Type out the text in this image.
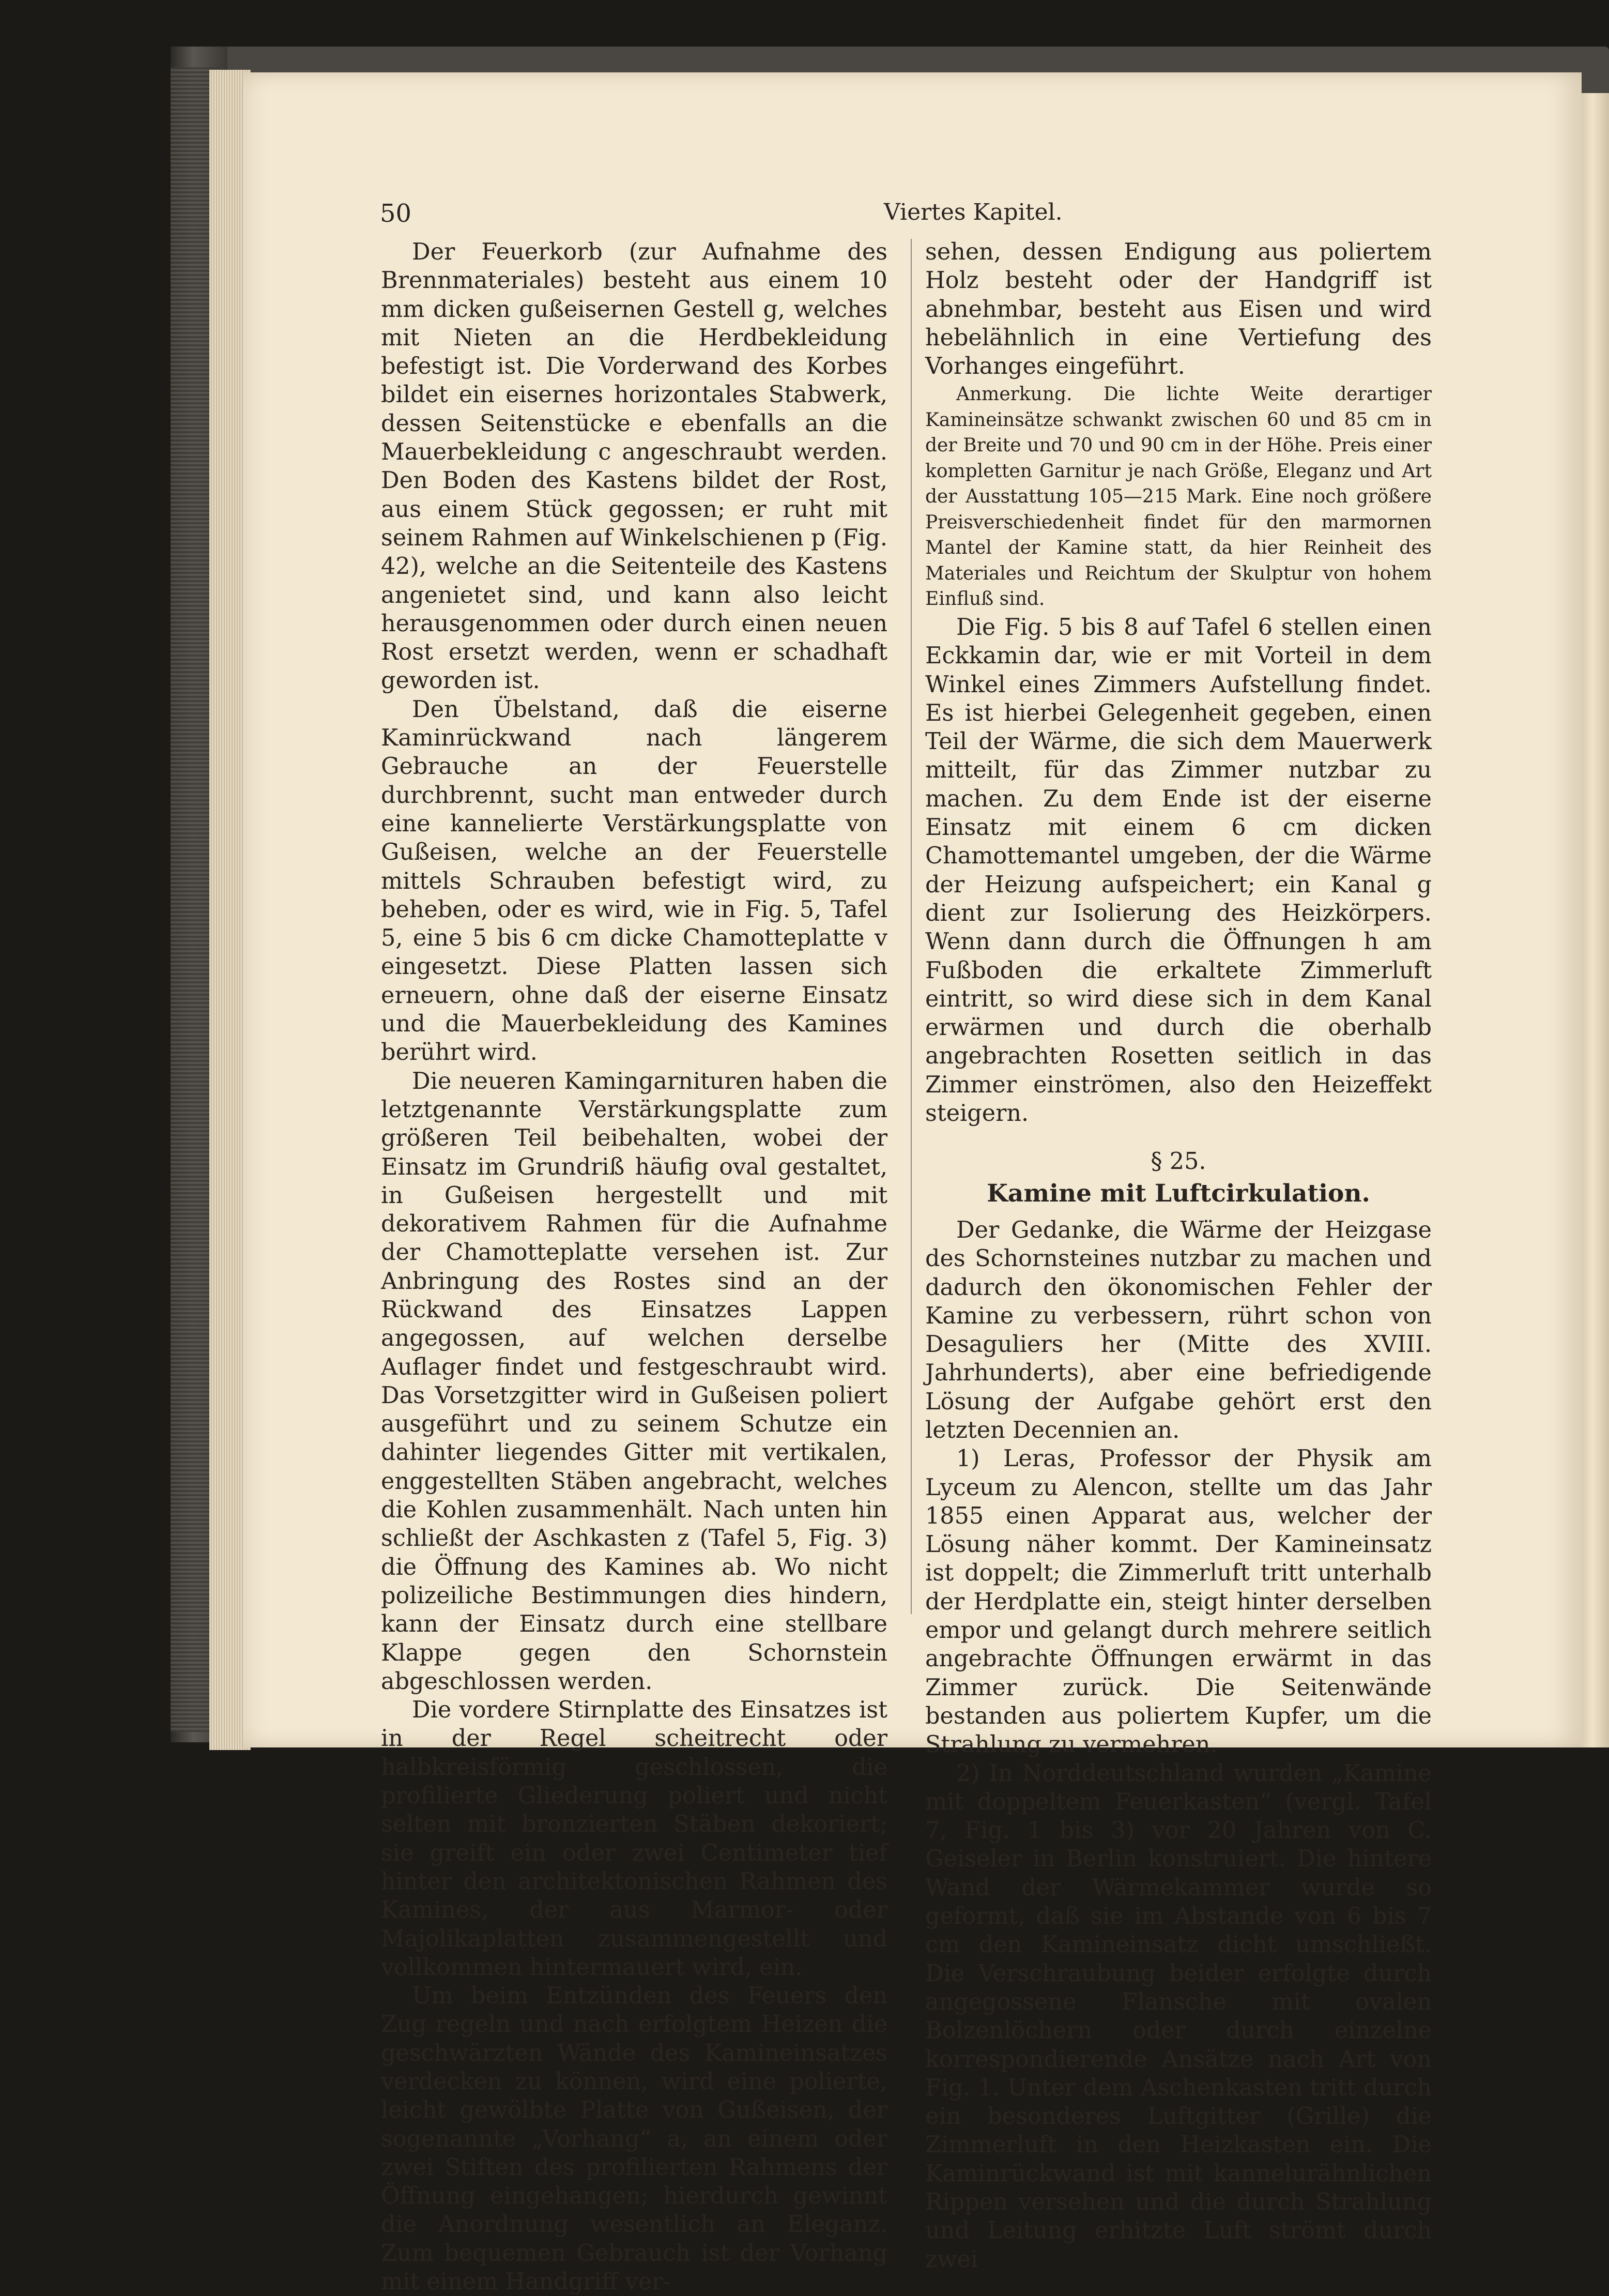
50	Viertes Kapitel.

Der Feuerkorb (zur Aufnahme des Brennmateriales) besteht aus einem 10 mm dicken gußeisernen Gestell g, welches mit Nieten an die Herdbekleidung befestigt ist. Die Vorderwand des Korbes bildet ein eisernes horizontales Stabwerk, dessen Seitenstücke e ebenfalls an die Mauerbekleidung c angeschraubt werden. Den Boden des Kastens bildet der Rost, aus einem Stück gegossen; er ruht mit seinem Rahmen auf Winkelschienen p (Fig. 42), welche an die Seitenteile des Kastens angenietet sind, und kann also leicht herausgenommen oder durch einen neuen Rost ersetzt werden, wenn er schadhaft geworden ist.

Den Übelstand, daß die eiserne Kaminrückwand nach längerem Gebrauche an der Feuerstelle durchbrennt, sucht man entweder durch eine kannelierte Verstärkungsplatte von Gußeisen, welche an der Feuerstelle mittels Schrauben befestigt wird, zu beheben, oder es wird, wie in Fig. 5, Tafel 5, eine 5 bis 6 cm dicke Chamotteplatte v eingesetzt. Diese Platten lassen sich erneuern, ohne daß der eiserne Einsatz und die Mauerbekleidung des Kamines berührt wird.

Die neueren Kamingarnituren haben die letztgenannte Verstärkungsplatte zum größeren Teil beibehalten, wobei der Einsatz im Grundriß häufig oval gestaltet, in Gußeisen hergestellt und mit dekorativem Rahmen für die Aufnahme der Chamotteplatte versehen ist. Zur Anbringung des Rostes sind an der Rückwand des Einsatzes Lappen angegossen, auf welchen derselbe Auflager findet und festgeschraubt wird. Das Vorsetzgitter wird in Gußeisen poliert ausgeführt und zu seinem Schutze ein dahinter liegendes Gitter mit vertikalen, enggestellten Stäben angebracht, welches die Kohlen zusammenhält. Nach unten hin schließt der Aschkasten z (Tafel 5, Fig. 3) die Öffnung des Kamines ab. Wo nicht polizeiliche Bestimmungen dies hindern, kann der Einsatz durch eine stellbare Klappe gegen den Schornstein abgeschlossen werden.

Die vordere Stirnplatte des Einsatzes ist in der Regel scheitrecht oder halbkreisförmig geschlossen, die profilierte Gliederung poliert und nicht selten mit bronzierten Stäben dekoriert; sie greift ein oder zwei Centimeter tief hinter den architektonischen Rahmen des Kamines, der aus Marmor- oder Majolikaplatten zusammengestellt und vollkommen hintermauert wird, ein.

Um beim Entzünden des Feuers den Zug regeln und nach erfolgtem Heizen die geschwärzten Wände des Kamineinsatzes verdecken zu können, wird eine polierte, leicht gewölbte Platte von Gußeisen, der sogenannte „Vorhang“ a, an einem oder zwei Stiften des profilierten Rahmens der Öffnung eingehangen; hierdurch gewinnt die Anordnung wesentlich an Eleganz. Zum bequemen Gebrauch ist der Vorhang mit einem Handgriff ver-

sehen, dessen Endigung aus poliertem Holz besteht oder der Handgriff ist abnehmbar, besteht aus Eisen und wird hebelähnlich in eine Vertiefung des Vorhanges eingeführt.

Anmerkung. Die lichte Weite derartiger Kamineinsätze schwankt zwischen 60 und 85 cm in der Breite und 70 und 90 cm in der Höhe. Preis einer kompletten Garnitur je nach Größe, Eleganz und Art der Ausstattung 105—215 Mark. Eine noch größere Preisverschiedenheit findet für den marmornen Mantel der Kamine statt, da hier Reinheit des Materiales und Reichtum der Skulptur von hohem Einfluß sind.

Die Fig. 5 bis 8 auf Tafel 6 stellen einen Eckkamin dar, wie er mit Vorteil in dem Winkel eines Zimmers Aufstellung findet. Es ist hierbei Gelegenheit gegeben, einen Teil der Wärme, die sich dem Mauerwerk mitteilt, für das Zimmer nutzbar zu machen. Zu dem Ende ist der eiserne Einsatz mit einem 6 cm dicken Chamottemantel umgeben, der die Wärme der Heizung aufspeichert; ein Kanal g dient zur Isolierung des Heizkörpers. Wenn dann durch die Öffnungen h am Fußboden die erkaltete Zimmerluft eintritt, so wird diese sich in dem Kanal erwärmen und durch die oberhalb angebrachten Rosetten seitlich in das Zimmer einströmen, also den Heizeffekt steigern.

§ 25.

Kamine mit Luftcirkulation.

Der Gedanke, die Wärme der Heizgase des Schornsteines nutzbar zu machen und dadurch den ökonomischen Fehler der Kamine zu verbessern, rührt schon von Desaguliers her (Mitte des XVIII. Jahrhunderts), aber eine befriedigende Lösung der Aufgabe gehört erst den letzten Decennien an.

1) Leras, Professor der Physik am Lyceum zu Alencon, stellte um das Jahr 1855 einen Apparat aus, welcher der Lösung näher kommt. Der Kamineinsatz ist doppelt; die Zimmerluft tritt unterhalb der Herdplatte ein, steigt hinter derselben empor und gelangt durch mehrere seitlich angebrachte Öffnungen erwärmt in das Zimmer zurück. Die Seitenwände bestanden aus poliertem Kupfer, um die Strahlung zu vermehren.

2) In Norddeutschland wurden „Kamine mit doppeltem Feuerkasten“ (vergl. Tafel 7, Fig. 1 bis 3) vor 20 Jahren von C. Geiseler in Berlin konstruiert. Die hintere Wand der Wärmekammer wurde so geformt, daß sie im Abstande von 6 bis 7 cm den Kamineinsatz dicht umschließt. Die Verschraubung beider erfolgte durch angegossene Flansche mit ovalen Bolzenlöchern oder durch einzelne korrespondierende Ansätze nach Art von Fig. 1. Unter dem Aschenkasten tritt durch ein besonderes Luftgitter (Grille) die Zimmerluft in den Heizkasten ein. Die Kaminrückwand ist mit kannelurähnlichen Rippen versehen und die durch Strahlung und Leitung erhitzte Luft strömt durch zwei
